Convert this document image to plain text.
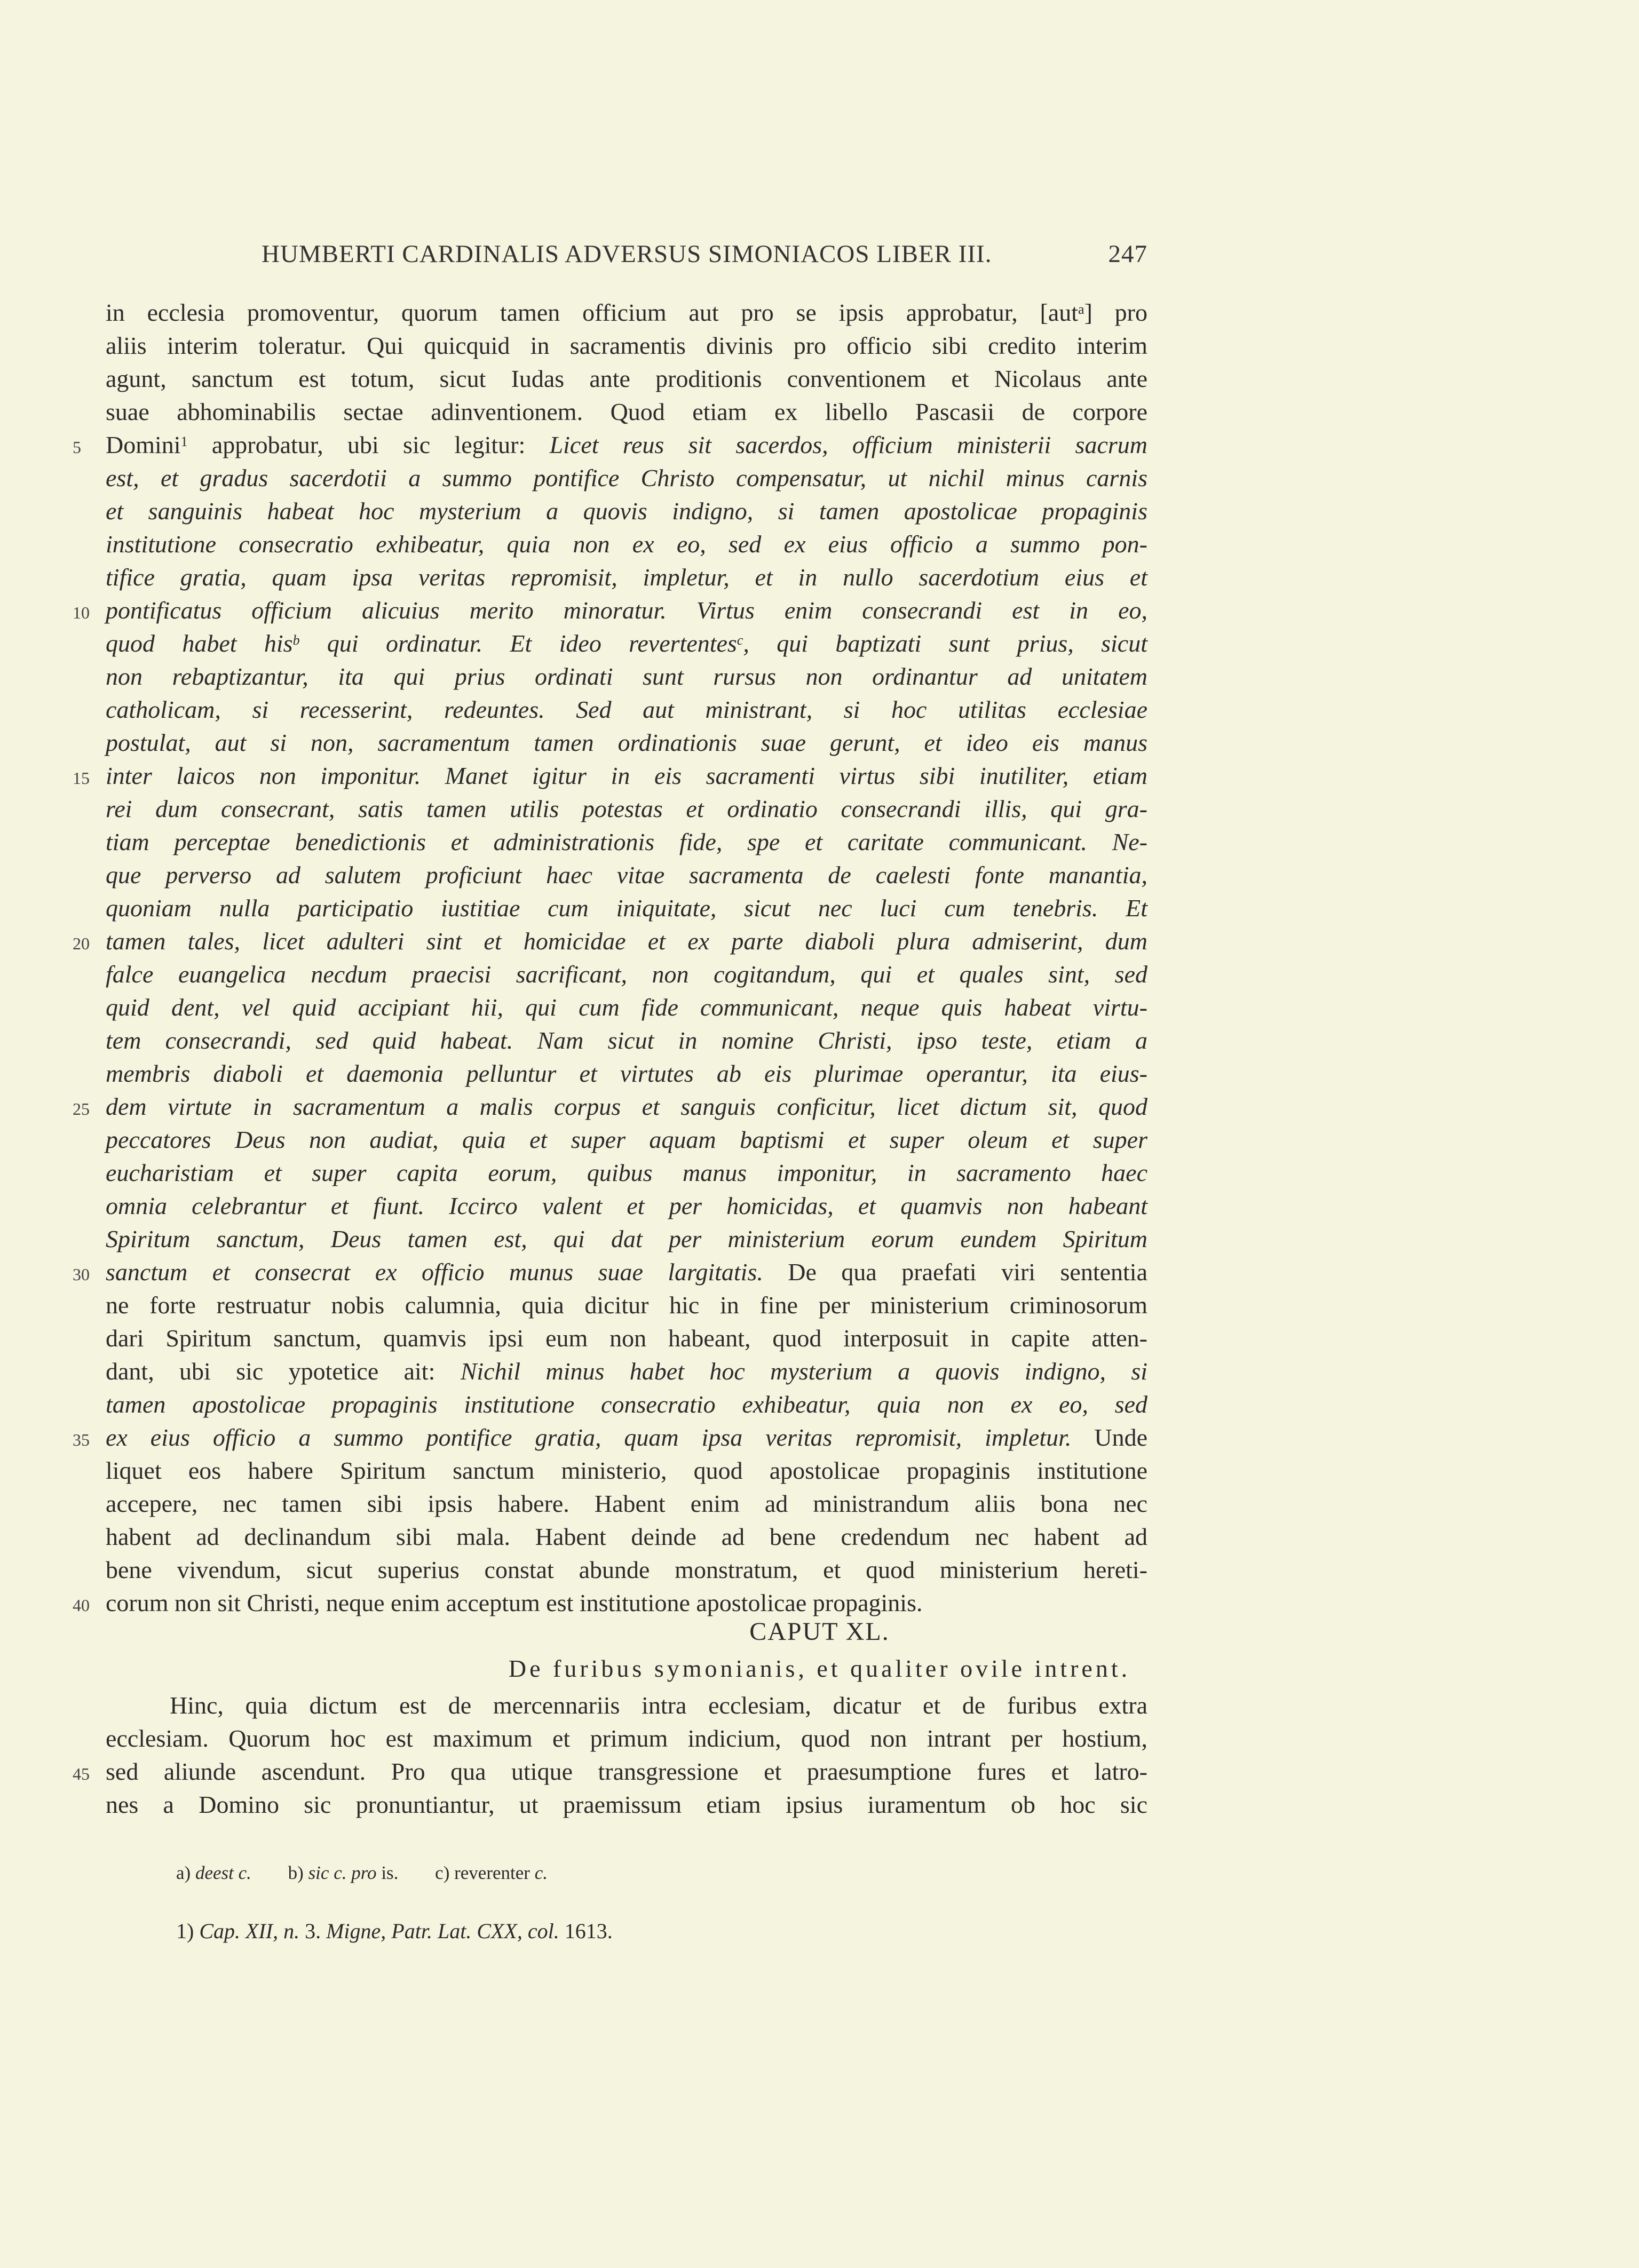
HUMBERTI CARDINALIS ADVERSUS SIMONIACOS LIBER III.	247
in ecclesia promoventur, quorum tamen officium aut pro se ipsis approbatur, [aut$^a$] pro
aliis interim toleratur. Qui quicquid in sacramentis divinis pro officio sibi credito interim
agunt, sanctum est totum, sicut Iudas ante proditionis conventionem et Nicolaus ante
suae abhominabilis sectae adinventionem. Quod etiam ex libello Pascasii de corpore
5 Domini$^1$ approbatur, ubi sic legitur: Licet reus sit sacerdos, officium ministerii sacrum
est, et gradus sacerdotii a summo pontifice Christo compensatur, ut nichil minus carnis
et sanguinis habeat hoc mysterium a quovis indigno, si tamen apostolicae propaginis
institutione consecratio exhibeatur, quia non ex eo, sed ex eius officio a summo pon-
tifice gratia, quam ipsa veritas repromisit, impletur, et in nullo sacerdotium eius et
10 pontificatus officium alicuius merito minoratur. Virtus enim consecrandi est in eo,
quod habet his$^b$ qui ordinatur. Et ideo revertentes$^c$, qui baptizati sunt prius, sicut
non rebaptizantur, ita qui prius ordinati sunt rursus non ordinantur ad unitatem
catholicam, si recesserint, redeuntes. Sed aut ministrant, si hoc utilitas ecclesiae
postulat, aut si non, sacramentum tamen ordinationis suae gerunt, et ideo eis manus
15 inter laicos non imponitur. Manet igitur in eis sacramenti virtus sibi inutiliter, etiam
rei dum consecrant, satis tamen utilis potestas et ordinatio consecrandi illis, qui gra-
tiam perceptae benedictionis et administrationis fide, spe et caritate communicant. Ne-
que perverso ad salutem proficiunt haec vitae sacramenta de caelesti fonte manantia,
quoniam nulla participatio iustitiae cum iniquitate, sicut nec luci cum tenebris. Et
20 tamen tales, licet adulteri sint et homicidae et ex parte diaboli plura admiserint, dum
falce euangelica necdum praecisi sacrificant, non cogitandum, qui et quales sint, sed
quid dent, vel quid accipiant hii, qui cum fide communicant, neque quis habeat virtu-
tem consecrandi, sed quid habeat. Nam sicut in nomine Christi, ipso teste, etiam a
membris diaboli et daemonia pelluntur et virtutes ab eis plurimae operantur, ita eius-
25 dem virtute in sacramentum a malis corpus et sanguis conficitur, licet dictum sit, quod
peccatores Deus non audiat, quia et super aquam baptismi et super oleum et super
eucharistiam et super capita eorum, quibus manus imponitur, in sacramento haec
omnia celebrantur et fiunt. Iccirco valent et per homicidas, et quamvis non habeant
Spiritum sanctum, Deus tamen est, qui dat per ministerium eorum eundem Spiritum
30 sanctum et consecrat ex officio munus suae largitatis. De qua praefati viri sententia
ne forte restruatur nobis calumnia, quia dicitur hic in fine per ministerium criminosorum
dari Spiritum sanctum, quamvis ipsi eum non habeant, quod interposuit in capite atten-
dant, ubi sic ypotetice ait: Nichil minus habet hoc mysterium a quovis indigno, si
tamen apostolicae propaginis institutione consecratio exhibeatur, quia non ex eo, sed
35 ex eius officio a summo pontifice gratia, quam ipsa veritas repromisit, impletur. Unde
liquet eos habere Spiritum sanctum ministerio, quod apostolicae propaginis institutione
accepere, nec tamen sibi ipsis habere. Habent enim ad ministrandum aliis bona nec
habent ad declinandum sibi mala. Habent deinde ad bene credendum nec habent ad
bene vivendum, sicut superius constat abunde monstratum, et quod ministerium hereti-
40 corum non sit Christi, neque enim acceptum est institutione apostolicae propaginis.
CAPUT XL.
De furibus symonianis, et qualiter ovile intrent.
Hinc, quia dictum est de mercennariis intra ecclesiam, dicatur et de furibus extra
ecclesiam. Quorum hoc est maximum et primum indicium, quod non intrant per hostium,
45 sed aliunde ascendunt. Pro qua utique transgressione et praesumptione fures et latro-
nes a Domino sic pronuntiantur, ut praemissum etiam ipsius iuramentum ob hoc sic
a) deest c. b) sic c. pro is. c) reverenter c.
1) Cap. XII, n. 3. Migne, Patr. Lat. CXX, col. 1613.
